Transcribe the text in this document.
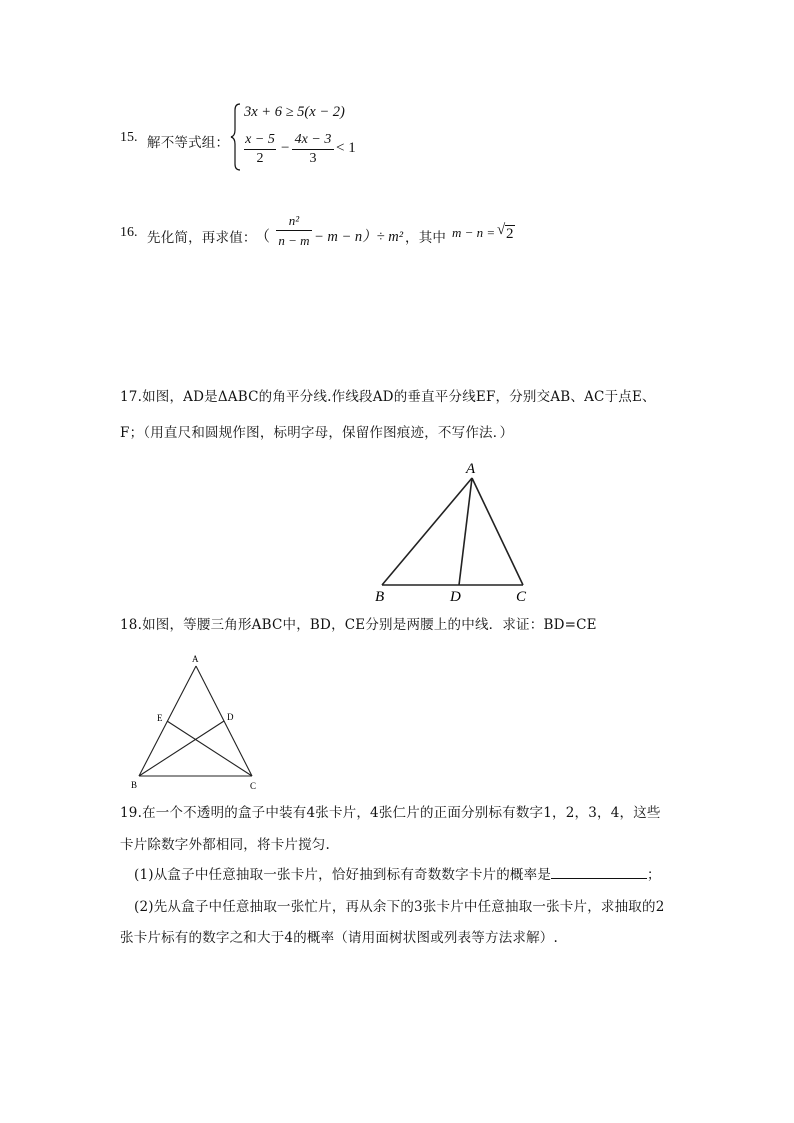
15. 解不等式组：
3x + 6 ≥ 5(x − 2)
x − 5
2
−
4x − 3
3
< 1
16. 先化简，再求值：
（
n²
n − m − m − n）÷ m² ，其中 m − n = √ 2
17.如图，AD是ΔABC的角平分线.作线段AD的垂直平分线EF，分别交AB、AC于点E、
F；（用直尺和圆规作图，标明字母，保留作图痕迹，不写作法．）
A
B	D	C
18.如图，等腰三角形ABC中，BD，CE分别是两腰上的中线．求证：BD=CE
A
E	D
B	C
19.在一个不透明的盒子中装有4张卡片，4张仁片的正面分别标有数字1，2，3，4，这些
卡片除数字外都相同，将卡片搅匀.
(1)从盒子中任意抽取一张卡片，恰好抽到标有奇数数字卡片的概率是	；
(2)先从盒子中任意抽取一张忙片，再从余下的3张卡片中任意抽取一张卡片，求抽取的2
张卡片标有的数字之和大于4的概率（请用面树状图或列表等方法求解）.
